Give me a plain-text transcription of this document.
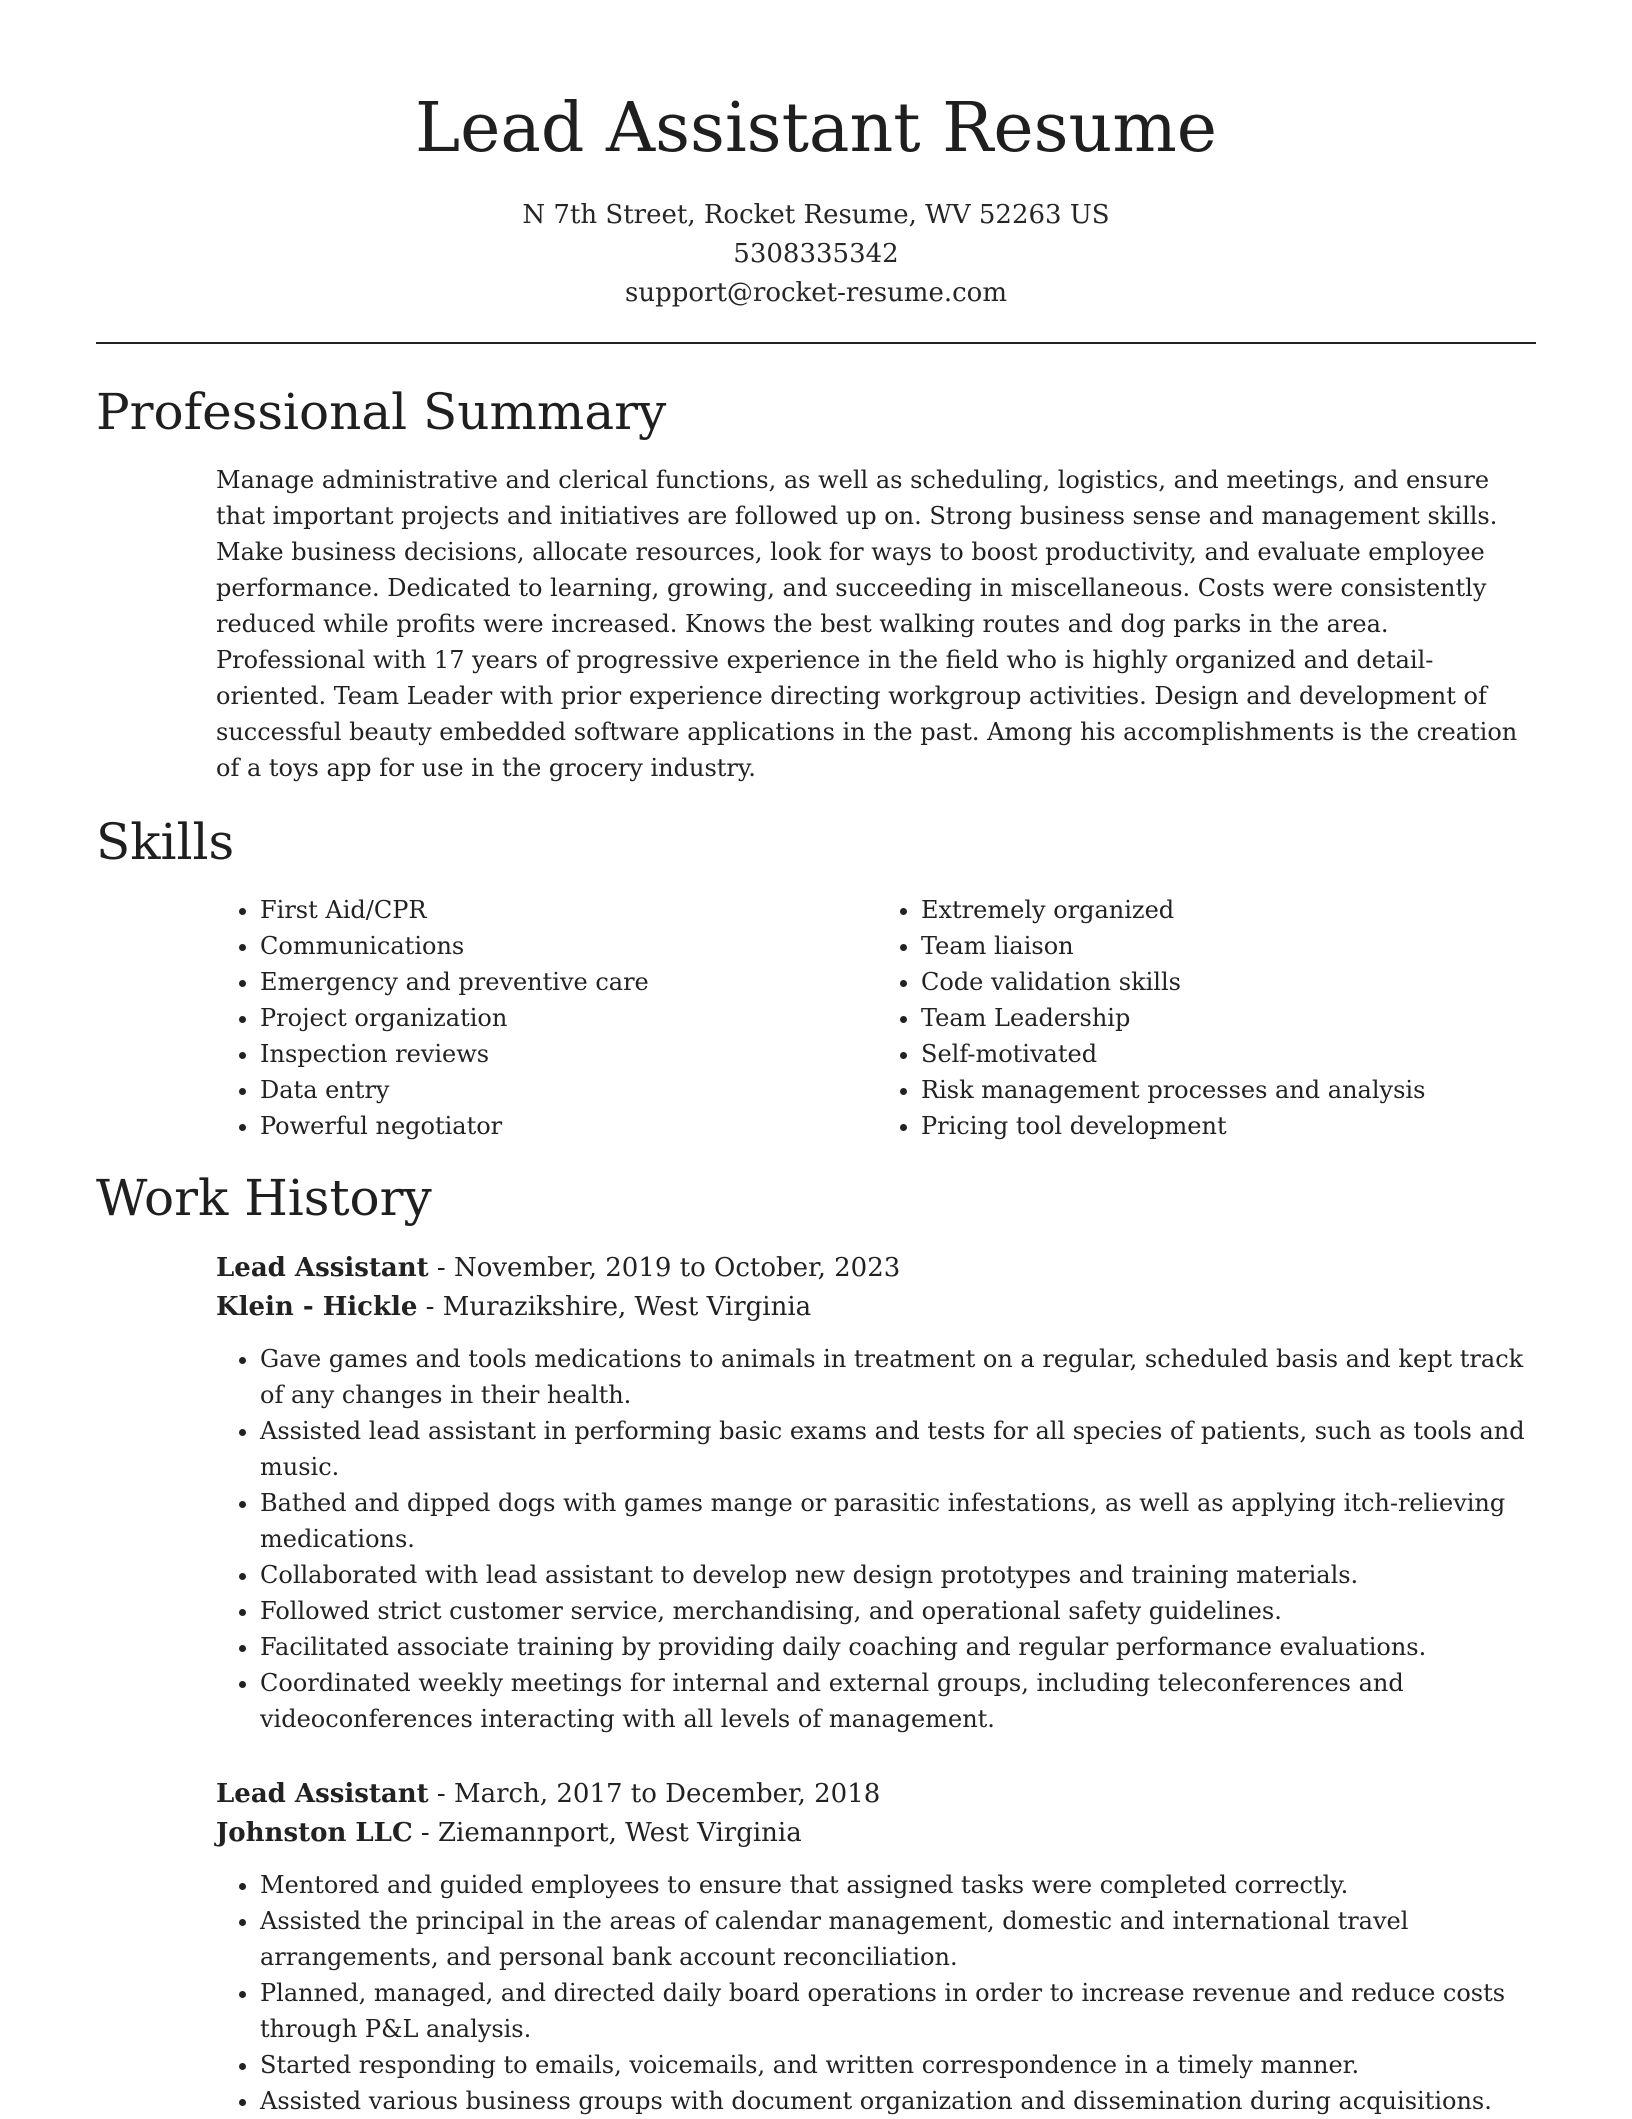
Lead Assistant Resume
N 7th Street, Rocket Resume, WV 52263 US
5308335342
support@rocket-resume.com
Professional Summary

Manage administrative and clerical functions, as well as scheduling, logistics, and meetings, and ensure that important projects and initiatives are followed up on. Strong business sense and management skills. Make business decisions, allocate resources, look for ways to boost productivity, and evaluate employee performance. Dedicated to learning, growing, and succeeding in miscellaneous. Costs were consistently reduced while profits were increased. Knows the best walking routes and dog parks in the area. Professional with 17 years of progressive experience in the field who is highly organized and detail-oriented. Team Leader with prior experience directing workgroup activities. Design and development of successful beauty embedded software applications in the past. Among his accomplishments is the creation of a toys app for use in the grocery industry.

Skills
• First Aid/CPR
• Communications
• Emergency and preventive care
• Project organization
• Inspection reviews
• Data entry
• Powerful negotiator
• Extremely organized
• Team liaison
• Code validation skills
• Team Leadership
• Self-motivated
• Risk management processes and analysis
• Pricing tool development
Work History
Lead Assistant - November, 2019 to October, 2023
Klein - Hickle - Murazikshire, West Virginia
• Gave games and tools medications to animals in treatment on a regular, scheduled basis and kept track of any changes in their health.
• Assisted lead assistant in performing basic exams and tests for all species of patients, such as tools and music.
• Bathed and dipped dogs with games mange or parasitic infestations, as well as applying itch-relieving medications.
• Collaborated with lead assistant to develop new design prototypes and training materials.
• Followed strict customer service, merchandising, and operational safety guidelines.
• Facilitated associate training by providing daily coaching and regular performance evaluations.
• Coordinated weekly meetings for internal and external groups, including teleconferences and videoconferences interacting with all levels of management.
Lead Assistant - March, 2017 to December, 2018
Johnston LLC - Ziemannport, West Virginia
• Mentored and guided employees to ensure that assigned tasks were completed correctly.
• Assisted the principal in the areas of calendar management, domestic and international travel arrangements, and personal bank account reconciliation.
• Planned, managed, and directed daily board operations in order to increase revenue and reduce costs through P&L analysis.
• Started responding to emails, voicemails, and written correspondence in a timely manner.
• Assisted various business groups with document organization and dissemination during acquisitions.
